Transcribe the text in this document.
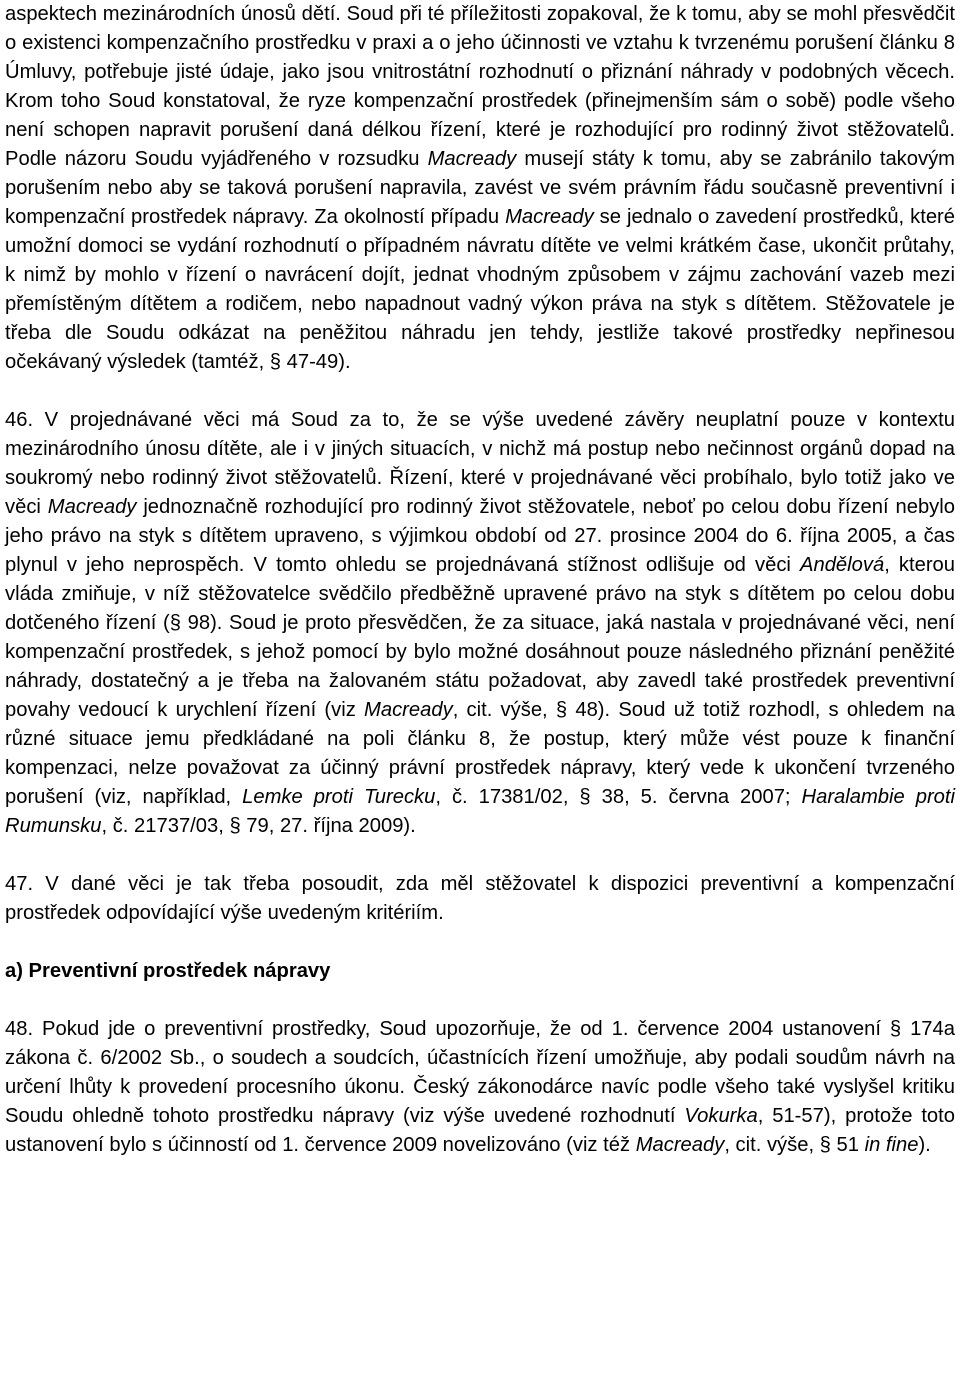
aspektech mezinárodních únosů dětí. Soud při té příležitosti zopakoval, že k tomu, aby se mohl přesvědčit o existenci kompenzačního prostředku v praxi a o jeho účinnosti ve vztahu k tvrzenému porušení článku 8 Úmluvy, potřebuje jisté údaje, jako jsou vnitrostátní rozhodnutí o přiznání náhrady v podobných věcech. Krom toho Soud konstatoval, že ryze kompenzační prostředek (přinejmenším sám o sobě) podle všeho není schopen napravit porušení daná délkou řízení, které je rozhodující pro rodinný život stěžovatelů. Podle názoru Soudu vyjádřeného v rozsudku Macready musejí státy k tomu, aby se zabránilo takovým porušením nebo aby se taková porušení napravila, zavést ve svém právním řádu současně preventivní i kompenzační prostředek nápravy. Za okolností případu Macready se jednalo o zavedení prostředků, které umožní domoci se vydání rozhodnutí o případném návratu dítěte ve velmi krátkém čase, ukončit průtahy, k nimž by mohlo v řízení o navrácení dojít, jednat vhodným způsobem v zájmu zachování vazeb mezi přemístěným dítětem a rodičem, nebo napadnout vadný výkon práva na styk s dítětem. Stěžovatele je třeba dle Soudu odkázat na peněžitou náhradu jen tehdy, jestliže takové prostředky nepřinesou očekávaný výsledek (tamtéž, § 47-49).

46. V projednávané věci má Soud za to, že se výše uvedené závěry neuplatní pouze v kontextu mezinárodního únosu dítěte, ale i v jiných situacích, v nichž má postup nebo nečinnost orgánů dopad na soukromý nebo rodinný život stěžovatelů. Řízení, které v projednávané věci probíhalo, bylo totiž jako ve věci Macready jednoznačně rozhodující pro rodinný život stěžovatele, neboť po celou dobu řízení nebylo jeho právo na styk s dítětem upraveno, s výjimkou období od 27. prosince 2004 do 6. října 2005, a čas plynul v jeho neprospěch. V tomto ohledu se projednávaná stížnost odlišuje od věci Andělová, kterou vláda zmiňuje, v níž stěžovatelce svědčilo předběžně upravené právo na styk s dítětem po celou dobu dotčeného řízení (§ 98). Soud je proto přesvědčen, že za situace, jaká nastala v projednávané věci, není kompenzační prostředek, s jehož pomocí by bylo možné dosáhnout pouze následného přiznání peněžité náhrady, dostatečný a je třeba na žalovaném státu požadovat, aby zavedl také prostředek preventivní povahy vedoucí k urychlení řízení (viz Macready, cit. výše, § 48). Soud už totiž rozhodl, s ohledem na různé situace jemu předkládané na poli článku 8, že postup, který může vést pouze k finanční kompenzaci, nelze považovat za účinný právní prostředek nápravy, který vede k ukončení tvrzeného porušení (viz, například, Lemke proti Turecku, č. 17381/02, § 38, 5. června 2007; Haralambie proti Rumunsku, č. 21737/03, § 79, 27. října 2009).

47. V dané věci je tak třeba posoudit, zda měl stěžovatel k dispozici preventivní a kompenzační prostředek odpovídající výše uvedeným kritériím.

a) Preventivní prostředek nápravy

48. Pokud jde o preventivní prostředky, Soud upozorňuje, že od 1. července 2004 ustanovení § 174a zákona č. 6/2002 Sb., o soudech a soudcích, účastnících řízení umožňuje, aby podali soudům návrh na určení lhůty k provedení procesního úkonu. Český zákonodárce navíc podle všeho také vyslyšel kritiku Soudu ohledně tohoto prostředku nápravy (viz výše uvedené rozhodnutí Vokurka, 51-57), protože toto ustanovení bylo s účinností od 1. července 2009 novelizováno (viz též Macready, cit. výše, § 51 in fine).
